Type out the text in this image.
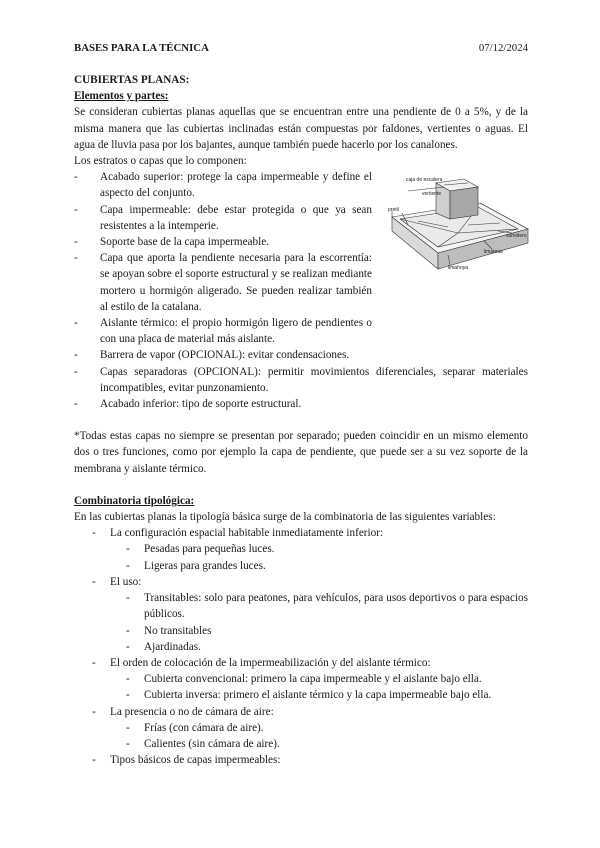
BASES PARA LA TÉCNICA	07/12/2024
CUBIERTAS PLANAS:
Elementos y partes:

Se consideran cubiertas planas aquellas que se encuentran entre una pendiente de 0 a 5%, y de la misma manera que las cubiertas inclinadas están compuestas por faldones, vertientes o aguas. El agua de lluvia pasa por los bajantes, aunque también puede hacerlo por los canalones.

Los estratos o capas que lo componen:
- Acabado superior: protege la capa impermeable y define el aspecto del conjunto.
- Capa impermeable: debe estar protegida o que ya sean resistentes a la intemperie.
- Soporte base de la capa impermeable.
- Capa que aporta la pendiente necesaria para la escorrentía: se apoyan sobre el soporte estructural y se realizan mediante mortero u hormigón aligerado. Se pueden realizar también al estilo de la catalana.
- Aislante térmico: el propio hormigón ligero de pendientes o con una placa de material más aislante.
- Barrera de vapor (OPCIONAL): evitar condensaciones.
- Capas separadoras (OPCIONAL): permitir movimientos diferenciales, separar materiales incompatibles, evitar punzonamiento.
- Acabado inferior: tipo de soporte estructural.
caja de escalera
vertiente
pretil
sumidero
limatesa
limahoya

*Todas estas capas no siempre se presentan por separado; pueden coincidir en un mismo elemento dos o tres funciones, como por ejemplo la capa de pendiente, que puede ser a su vez soporte de la membrana y aislante térmico.

Combinatoria tipológica:
En las cubiertas planas la tipología básica surge de la combinatoria de las siguientes variables:
- La configuración espacial habitable inmediatamente inferior:
- Pesadas para pequeñas luces.
- Ligeras para grandes luces.
- El uso:
- Transitables: solo para peatones, para vehículos, para usos deportivos o para espacios públicos.
- No transitables
- Ajardinadas.
- El orden de colocación de la impermeabilización y del aislante térmico:
- Cubierta convencional: primero la capa impermeable y el aislante bajo ella.
- Cubierta inversa: primero el aislante térmico y la capa impermeable bajo ella.
- La presencia o no de cámara de aire:
- Frías (con cámara de aire).
- Calientes (sin cámara de aire).
- Tipos básicos de capas impermeables:
